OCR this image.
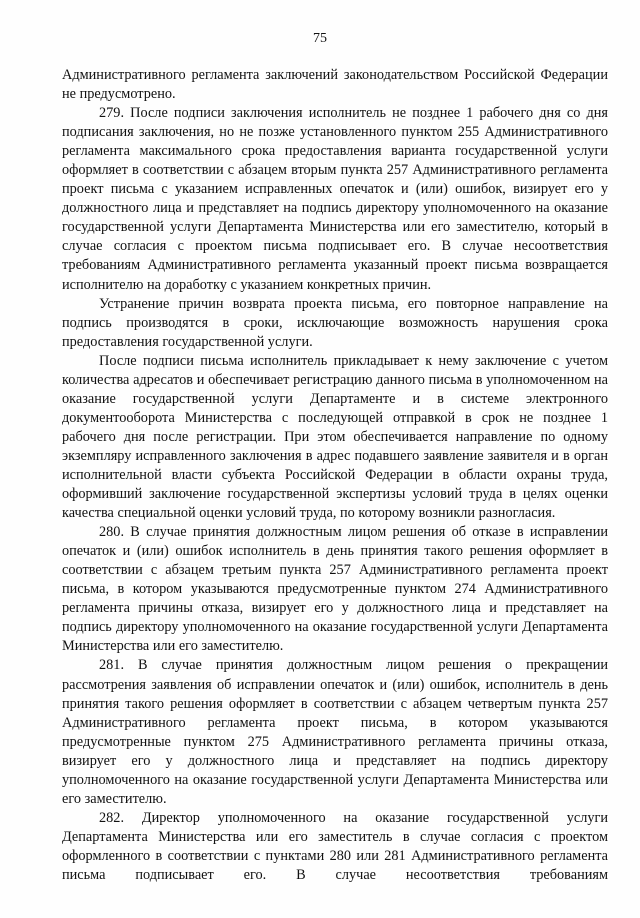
75

Административного регламента заключений законодательством Российской Федерации не предусмотрено.

279. После подписи заключения исполнитель не позднее 1 рабочего дня со дня подписания заключения, но не позже установленного пунктом 255 Административного регламента максимального срока предоставления варианта государственной услуги оформляет в соответствии с абзацем вторым пункта 257 Административного регламента проект письма с указанием исправленных опечаток и (или) ошибок, визирует его у должностного лица и представляет на подпись директору уполномоченного на оказание государственной услуги Департамента Министерства или его заместителю, который в случае согласия с проектом письма подписывает его. В случае несоответствия требованиям Административного регламента указанный проект письма возвращается исполнителю на доработку с указанием конкретных причин.

Устранение причин возврата проекта письма, его повторное направление на подпись производятся в сроки, исключающие возможность нарушения срока предоставления государственной услуги.

После подписи письма исполнитель прикладывает к нему заключение с учетом количества адресатов и обеспечивает регистрацию данного письма в уполномоченном на оказание государственной услуги Департаменте и в системе электронного документооборота Министерства с последующей отправкой в срок не позднее 1 рабочего дня после регистрации. При этом обеспечивается направление по одному экземпляру исправленного заключения в адрес подавшего заявление заявителя и в орган исполнительной власти субъекта Российской Федерации в области охраны труда, оформивший заключение государственной экспертизы условий труда в целях оценки качества специальной оценки условий труда, по которому возникли разногласия.

280. В случае принятия должностным лицом решения об отказе в исправлении опечаток и (или) ошибок исполнитель в день принятия такого решения оформляет в соответствии с абзацем третьим пункта 257 Административного регламента проект письма, в котором указываются предусмотренные пунктом 274 Административного регламента причины отказа, визирует его у должностного лица и представляет на подпись директору уполномоченного на оказание государственной услуги Департамента Министерства или его заместителю.

281. В случае принятия должностным лицом решения о прекращении рассмотрения заявления об исправлении опечаток и (или) ошибок, исполнитель в день принятия такого решения оформляет в соответствии с абзацем четвертым пункта 257 Административного регламента проект письма, в котором указываются предусмотренные пунктом 275 Административного регламента причины отказа, визирует его у должностного лица и представляет на подпись директору уполномоченного на оказание государственной услуги Департамента Министерства или его заместителю.

282. Директор уполномоченного на оказание государственной услуги Департамента Министерства или его заместитель в случае согласия с проектом оформленного в соответствии с пунктами 280 или 281 Административного регламента письма подписывает его. В случае несоответствия требованиям
